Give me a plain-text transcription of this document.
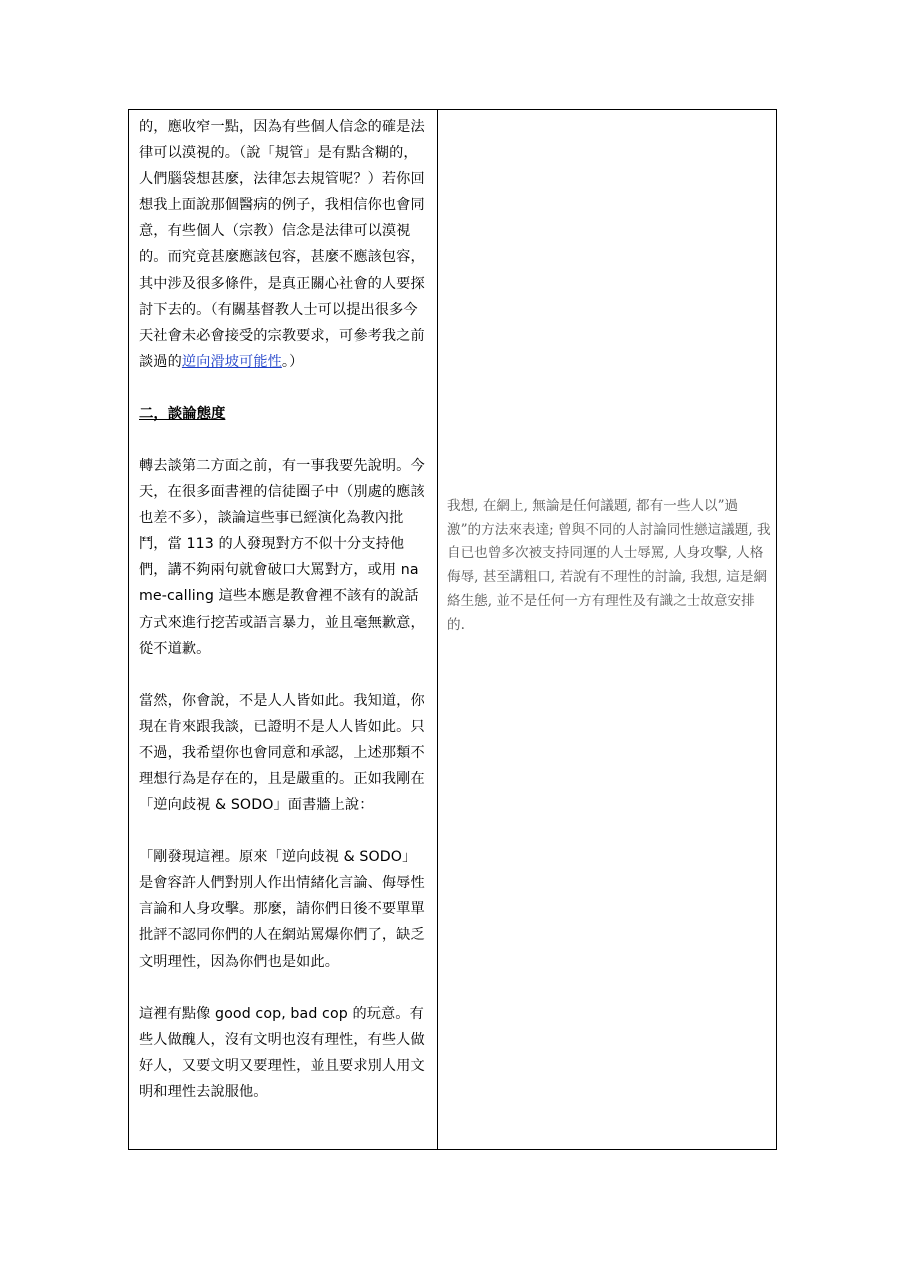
的，應收窄一點，因為有些個人信念的確是法律可以漠視的。（說「規管」是有點含糊的，人們腦袋想甚麼，法律怎去規管呢？）若你回想我上面說那個醫病的例子，我相信你也會同意，有些個人（宗教）信念是法律可以漠視的。而究竟甚麼應該包容，甚麼不應該包容，其中涉及很多條件，是真正關心社會的人要探討下去的。（有關基督教人士可以提出很多今天社會未必會接受的宗教要求，可參考我之前談過的逆向滑坡可能性。）

二，談論態度

轉去談第二方面之前，有一事我要先說明。今天，在很多面書裡的信徒圈子中（別處的應該也差不多），談論這些事已經演化為教內批鬥，當 113 的人發現對方不似十分支持他們，講不夠兩句就會破口大罵對方，或用 name-calling 這些本應是教會裡不該有的說話方式來進行挖苦或語言暴力，並且毫無歉意，從不道歉。

當然，你會說，不是人人皆如此。我知道，你現在肯來跟我談，已證明不是人人皆如此。只不過，我希望你也會同意和承認，上述那類不理想行為是存在的，且是嚴重的。正如我剛在「逆向歧視 & SODO」面書牆上說：

「剛發現這裡。原來「逆向歧視 & SODO」是會容許人們對別人作出情緒化言論、侮辱性言論和人身攻擊。那麼，請你們日後不要單單批評不認同你們的人在網站罵爆你們了，缺乏文明理性，因為你們也是如此。

這裡有點像 good cop, bad cop 的玩意。有些人做醜人，沒有文明也沒有理性，有些人做好人，又要文明又要理性，並且要求別人用文明和理性去說服他。

我想, 在網上, 無論是任何議題, 都有一些人以”過激”的方法來表達; 曾與不同的人討論同性戀這議題, 我自已也曾多次被支持同運的人士辱罵, 人身攻擊, 人格侮辱, 甚至講粗口, 若說有不理性的討論, 我想, 這是網絡生態, 並不是任何一方有理性及有識之士故意安排的.
